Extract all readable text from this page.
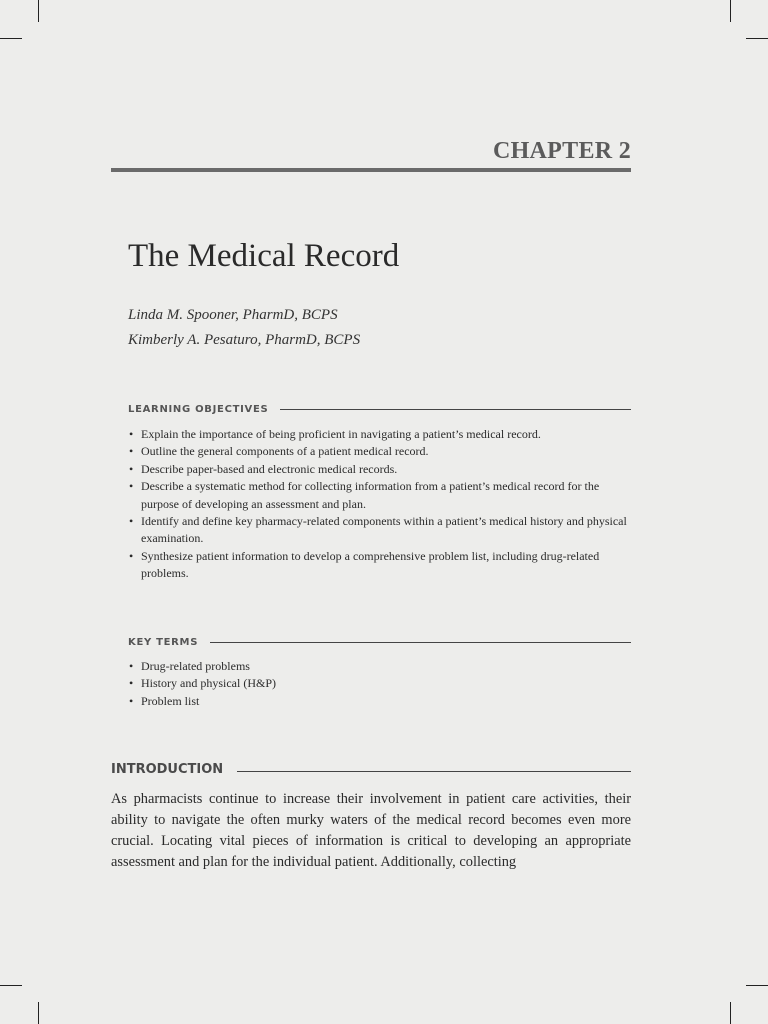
CHAPTER 2
The Medical Record
Linda M. Spooner, PharmD, BCPS
Kimberly A. Pesaturo, PharmD, BCPS
LEARNING OBJECTIVES
• Explain the importance of being proficient in navigating a patient’s medical record.
• Outline the general components of a patient medical record.
• Describe paper-based and electronic medical records.
• Describe a systematic method for collecting information from a patient’s medical record for the purpose of developing an assessment and plan.
• Identify and define key pharmacy-related components within a patient’s medical history and physical examination.
• Synthesize patient information to develop a comprehensive problem list, including drug-related problems.
KEY TERMS
• Drug-related problems
• History and physical (H&P)
• Problem list
INTRODUCTION

As pharmacists continue to increase their involvement in patient care activities, their ability to navigate the often murky waters of the medical record becomes even more crucial. Locating vital pieces of information is critical to developing an appropriate assessment and plan for the individual patient. Additionally, collecting
